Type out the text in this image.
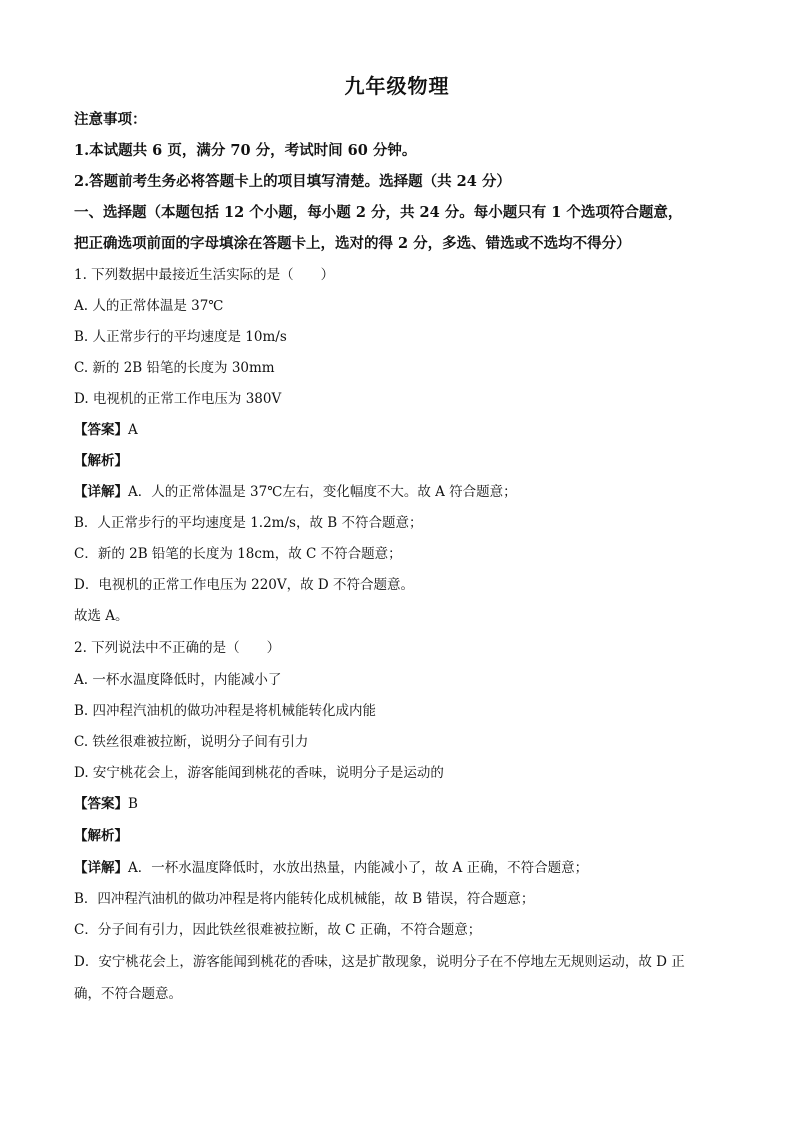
九年级物理
注意事项：
1.本试题共 6 页，满分 70 分，考试时间 60 分钟。
2.答题前考生务必将答题卡上的项目填写清楚。选择题（共 24 分）
一、选择题（本题包括 12 个小题，每小题 2 分，共 24 分。每小题只有 1 个选项符合题意，
把正确选项前面的字母填涂在答题卡上，选对的得 2 分，多选、错选或不选均不得分）
1. 下列数据中最接近生活实际的是（　　）
A. 人的正常体温是 37℃
B. 人正常步行的平均速度是 10m/s
C. 新的 2B 铅笔的长度为 30mm
D. 电视机的正常工作电压为 380V
【答案】A
【解析】
【详解】A．人的正常体温是 37℃左右，变化幅度不大。故 A 符合题意；
B．人正常步行的平均速度是 1.2m/s，故 B 不符合题意；
C．新的 2B 铅笔的长度为 18cm，故 C 不符合题意；
D．电视机的正常工作电压为 220V，故 D 不符合题意。
故选 A。
2. 下列说法中不正确的是（　　）
A. 一杯水温度降低时，内能减小了
B. 四冲程汽油机的做功冲程是将机械能转化成内能
C. 铁丝很难被拉断，说明分子间有引力
D. 安宁桃花会上，游客能闻到桃花的香味，说明分子是运动的
【答案】B
【解析】
【详解】A．一杯水温度降低时，水放出热量，内能减小了，故 A 正确，不符合题意；
B．四冲程汽油机的做功冲程是将内能转化成机械能，故 B 错误，符合题意；
C．分子间有引力，因此铁丝很难被拉断，故 C 正确，不符合题意；
D．安宁桃花会上，游客能闻到桃花的香味，这是扩散现象，说明分子在不停地左无规则运动，故 D 正
确，不符合题意。
